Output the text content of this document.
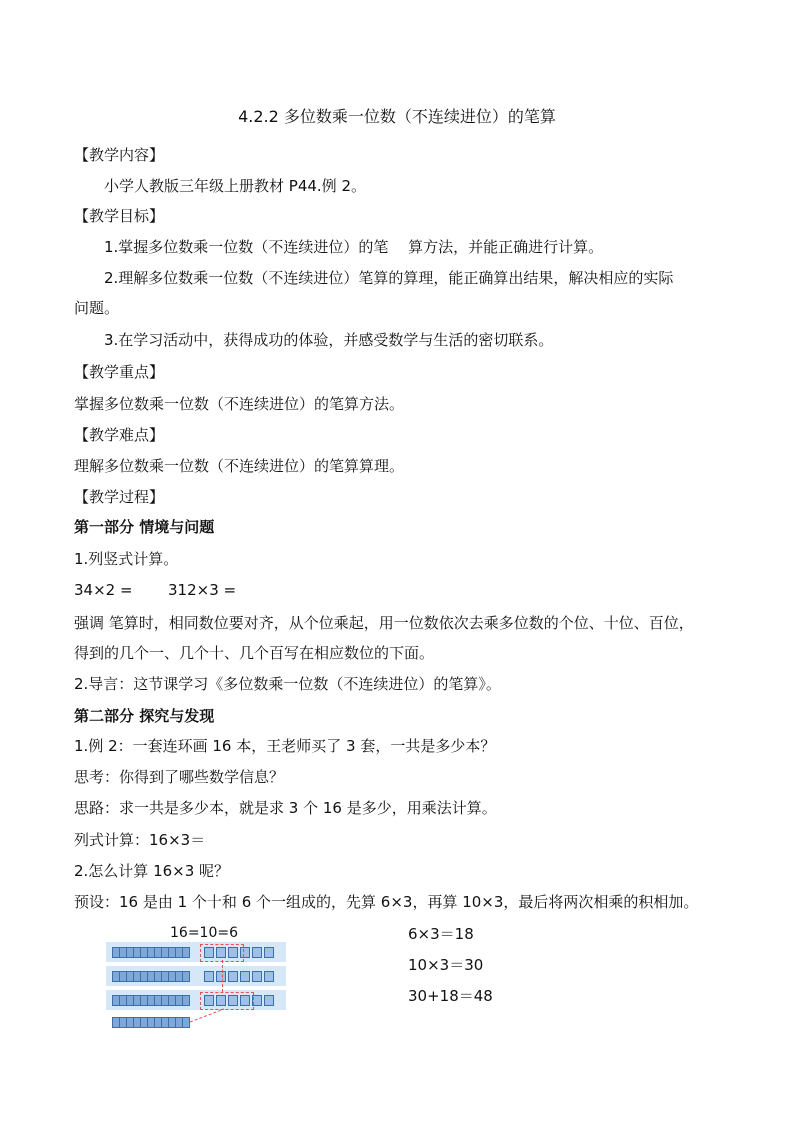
4.2.2 多位数乘一位数（不连续进位）的笔算
【教学内容】
小学人教版三年级上册教材 P44.例 2。
【教学目标】
1.掌握多位数乘一位数（不连续进位）的笔　 算方法，并能正确进行计算。
2.理解多位数乘一位数（不连续进位）笔算的算理，能正确算出结果，解决相应的实际
问题。
3.在学习活动中，获得成功的体验，并感受数学与生活的密切联系。
【教学重点】
掌握多位数乘一位数（不连续进位）的笔算方法。
【教学难点】
理解多位数乘一位数（不连续进位）的笔算算理。
【教学过程】
第一部分 情境与问题
1.列竖式计算。
34×2 = 312×3 =
强调 笔算时，相同数位要对齐，从个位乘起，用一位数依次去乘多位数的个位、十位、百位，
得到的几个一、几个十、几个百写在相应数位的下面。
2.导言：这节课学习《多位数乘一位数（不连续进位）的笔算》。
第二部分 探究与发现
1.例 2：一套连环画 16 本，王老师买了 3 套，一共是多少本？
思考：你得到了哪些数学信息？
思路：求一共是多少本，就是求 3 个 16 是多少，用乘法计算。
列式计算：16×3＝
2.怎么计算 16×3 呢？
预设：16 是由 1 个十和 6 个一组成的，先算 6×3，再算 10×3，最后将两次相乘的积相加。
16=10=6	6×3＝18
10×3＝30
30+18＝48
